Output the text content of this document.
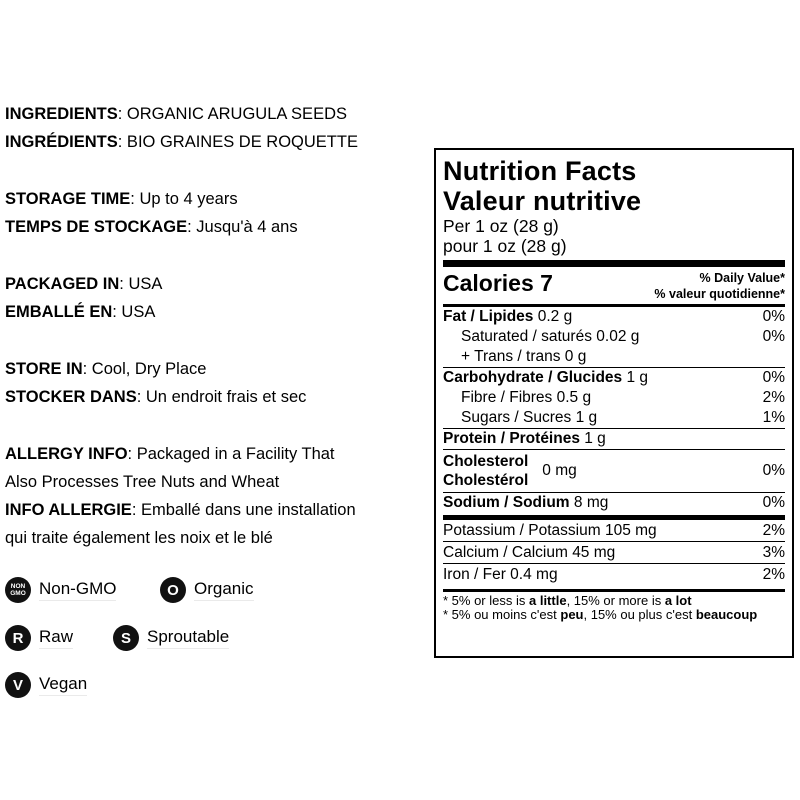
INGREDIENTS: ORGANIC ARUGULA SEEDS
INGRÉDIENTS: BIO GRAINES DE ROQUETTE
STORAGE TIME: Up to 4 years
TEMPS DE STOCKAGE: Jusqu'à 4 ans
PACKAGED IN: USA
EMBALLÉ EN: USA
STORE IN: Cool, Dry Place
STOCKER DANS: Un endroit frais et sec
ALLERGY INFO: Packaged in a Facility That
Also Processes Tree Nuts and Wheat
INFO ALLERGIE: Emballé dans une installation
qui traite également les noix et le blé
NON
GMO Non-GMO	O Organic
R Raw	S Sproutable
V Vegan
Nutrition Facts
Valeur nutritive
Per 1 oz (28 g)
pour 1 oz (28 g)
Calories 7	% Daily Value*
% valeur quotidienne*
Fat / Lipides 0.2 g	0%
Saturated / saturés 0.02 g	0%
+ Trans / trans 0 g
Carbohydrate / Glucides 1 g	0%
Fibre / Fibres 0.5 g	2%
Sugars / Sucres 1 g	1%
Protein / Protéines 1 g
Cholesterol
Cholestérol
0 mg	0%
Sodium / Sodium 8 mg	0%
Potassium / Potassium 105 mg	2%
Calcium / Calcium 45 mg	3%
Iron / Fer 0.4 mg	2%
* 5% or less is a little, 15% or more is a lot
* 5% ou moins c'est peu, 15% ou plus c'est beaucoup
